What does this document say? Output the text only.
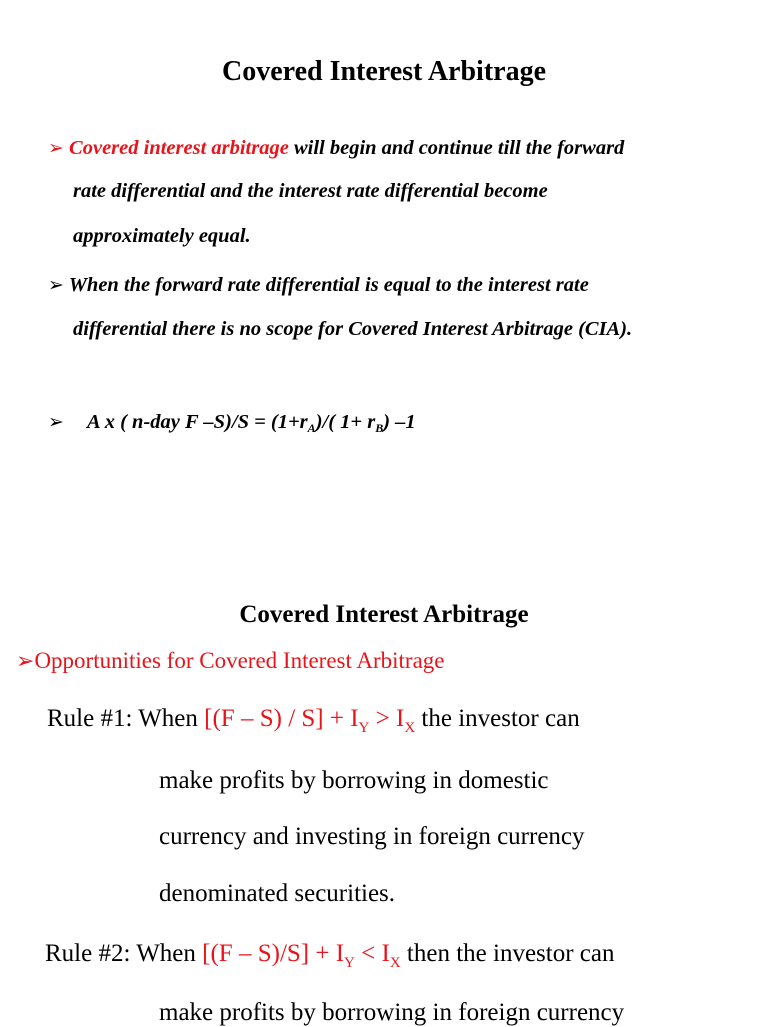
Covered Interest Arbitrage
➢ Covered interest arbitrage will begin and continue till the forward
rate differential and the interest rate differential become
approximately equal.
➢ When the forward rate differential is equal to the interest rate
differential there is no scope for Covered Interest Arbitrage (CIA).
➢ A x ( n-day F $-S)/S = (1+r_A)/$( $1+ r_B$) –1
Covered Interest Arbitrage
➢Opportunities for Covered Interest Arbitrage
Rule #1: When $[(F - S) / S] + I_Y > I_X$ the investor can
make profits by borrowing in domestic
currency and investing in foreign currency
denominated securities.
Rule #2: When $[(F - S)/S] + I_Y < I_X$ then the investor can
make profits by borrowing in foreign currency
